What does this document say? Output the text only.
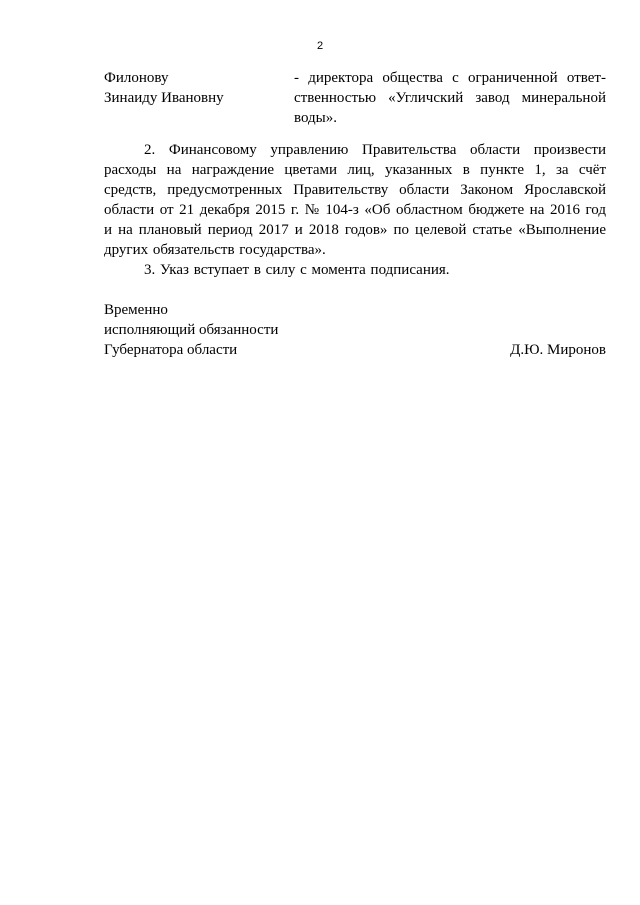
2
Филонову
Зинаиду Ивановну
- директора общества с ограниченной ответ-
ственностью «Угличский завод минеральной
воды».

2. Финансовому управлению Правительства области произвести расходы на награждение цветами лиц, указанных в пункте 1, за счёт средств, предусмотренных Правительству области Законом Ярославской области от 21 декабря 2015 г. № 104-з «Об областном бюджете на 2016 год и на плановый период 2017 и 2018 годов» по целевой статье «Выполнение других обязательств государства».

3. Указ вступает в силу с момента подписания.

Временно
исполняющий обязанности
Губернатора области	Д.Ю. Миронов
